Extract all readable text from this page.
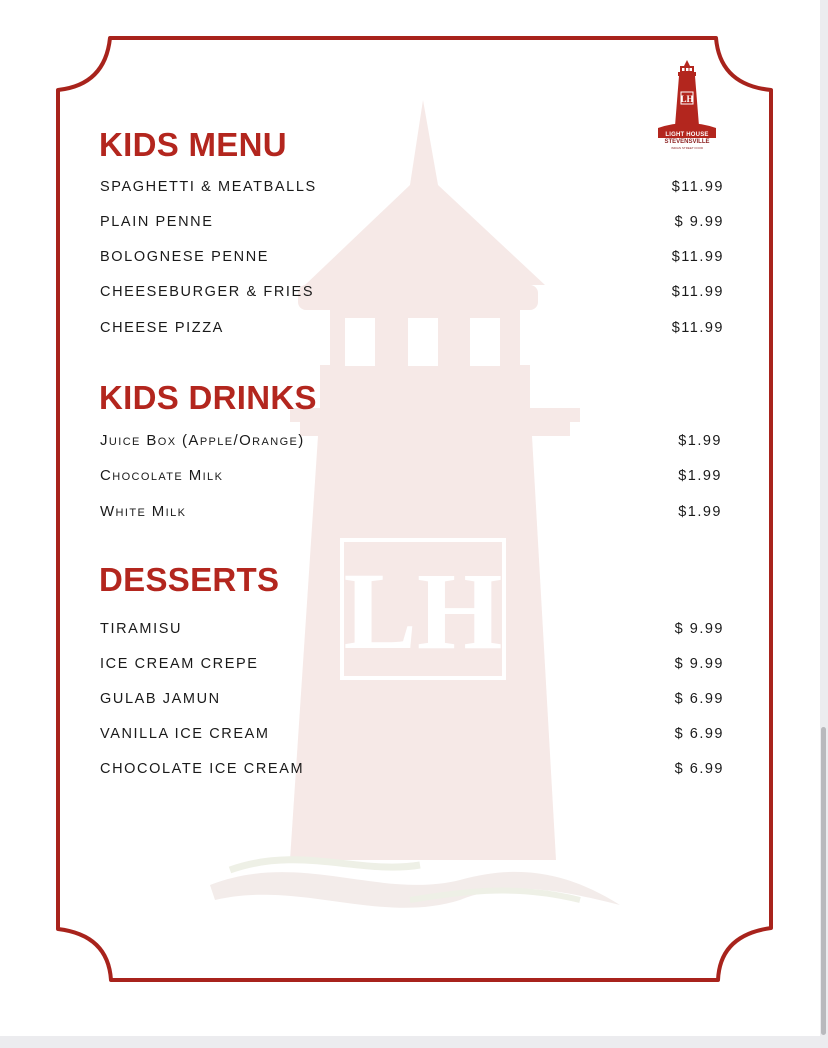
LH
LH
LIGHT HOUSE
STEVENSVILLE
INDIAN STREET FOOD
KIDS MENU
SPAGHETTI & MEATBALLS	$11.99
PLAIN PENNE	$ 9.99
BOLOGNESE PENNE	$11.99
CHEESEBURGER & FRIES	$11.99
CHEESE PIZZA	$11.99
KIDS DRINKS
Juice Box (Apple/Orange)	$1.99
Chocolate Milk	$1.99
White Milk	$1.99
DESSERTS
TIRAMISU	$ 9.99
ICE CREAM CREPE	$ 9.99
GULAB JAMUN	$ 6.99
VANILLA ICE CREAM	$ 6.99
CHOCOLATE ICE CREAM	$ 6.99
